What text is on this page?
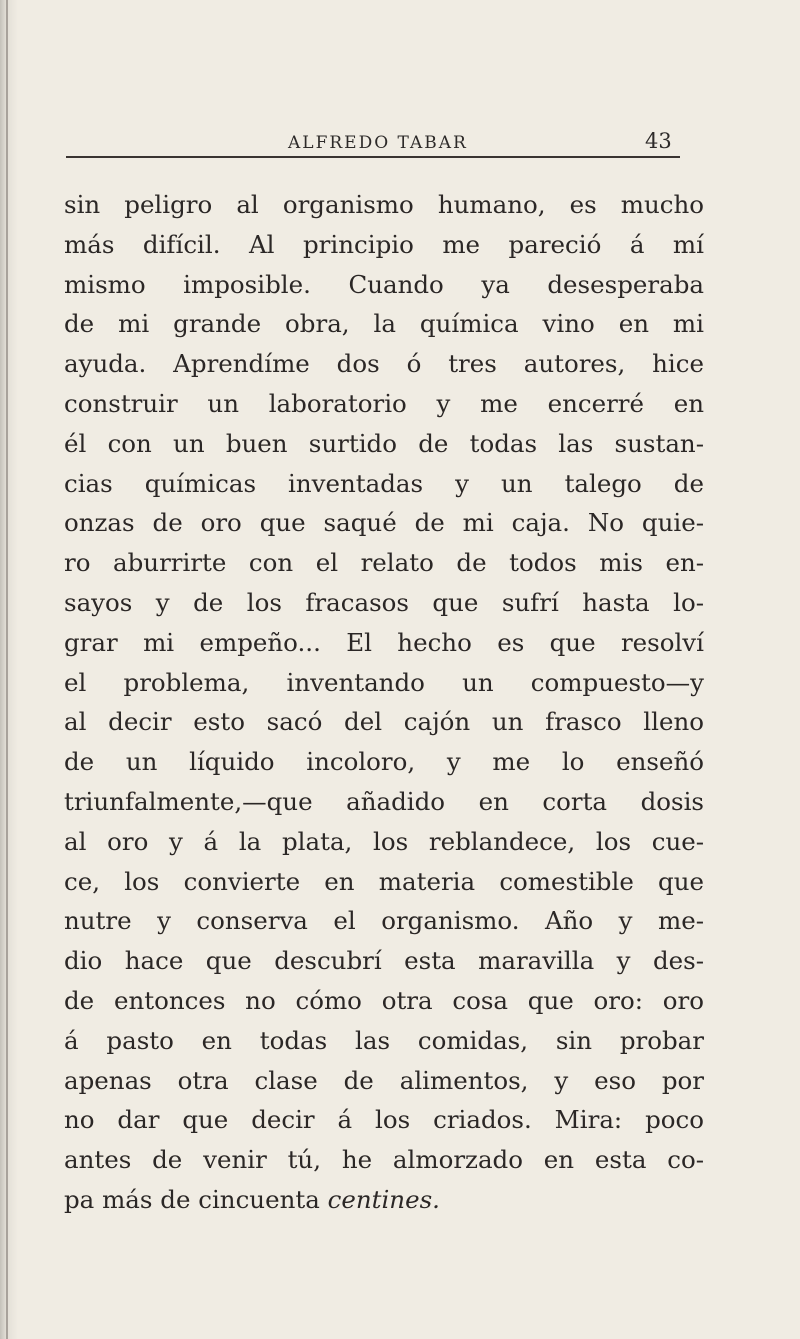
ALFREDO TABAR	43
sin peligro al organismo humano, es mucho
más difícil. Al principio me pareció á mí
mismo imposible. Cuando ya desesperaba
de mi grande obra, la química vino en mi
ayuda. Aprendíme dos ó tres autores, hice
construir un laboratorio y me encerré en
él con un buen surtido de todas las sustan-
cias químicas inventadas y un talego de
onzas de oro que saqué de mi caja. No quie-
ro aburrirte con el relato de todos mis en-
sayos y de los fracasos que sufrí hasta lo-
grar mi empeño... El hecho es que resolví
el problema, inventando un compuesto—y
al decir esto sacó del cajón un frasco lleno
de un líquido incoloro, y me lo enseñó
triunfalmente,—que añadido en corta dosis
al oro y á la plata, los reblandece, los cue-
ce, los convierte en materia comestible que
nutre y conserva el organismo. Año y me-
dio hace que descubrí esta maravilla y des-
de entonces no cómo otra cosa que oro: oro
á pasto en todas las comidas, sin probar
apenas otra clase de alimentos, y eso por
no dar que decir á los criados. Mira: poco
antes de venir tú, he almorzado en esta co-
pa más de cincuenta centines.
